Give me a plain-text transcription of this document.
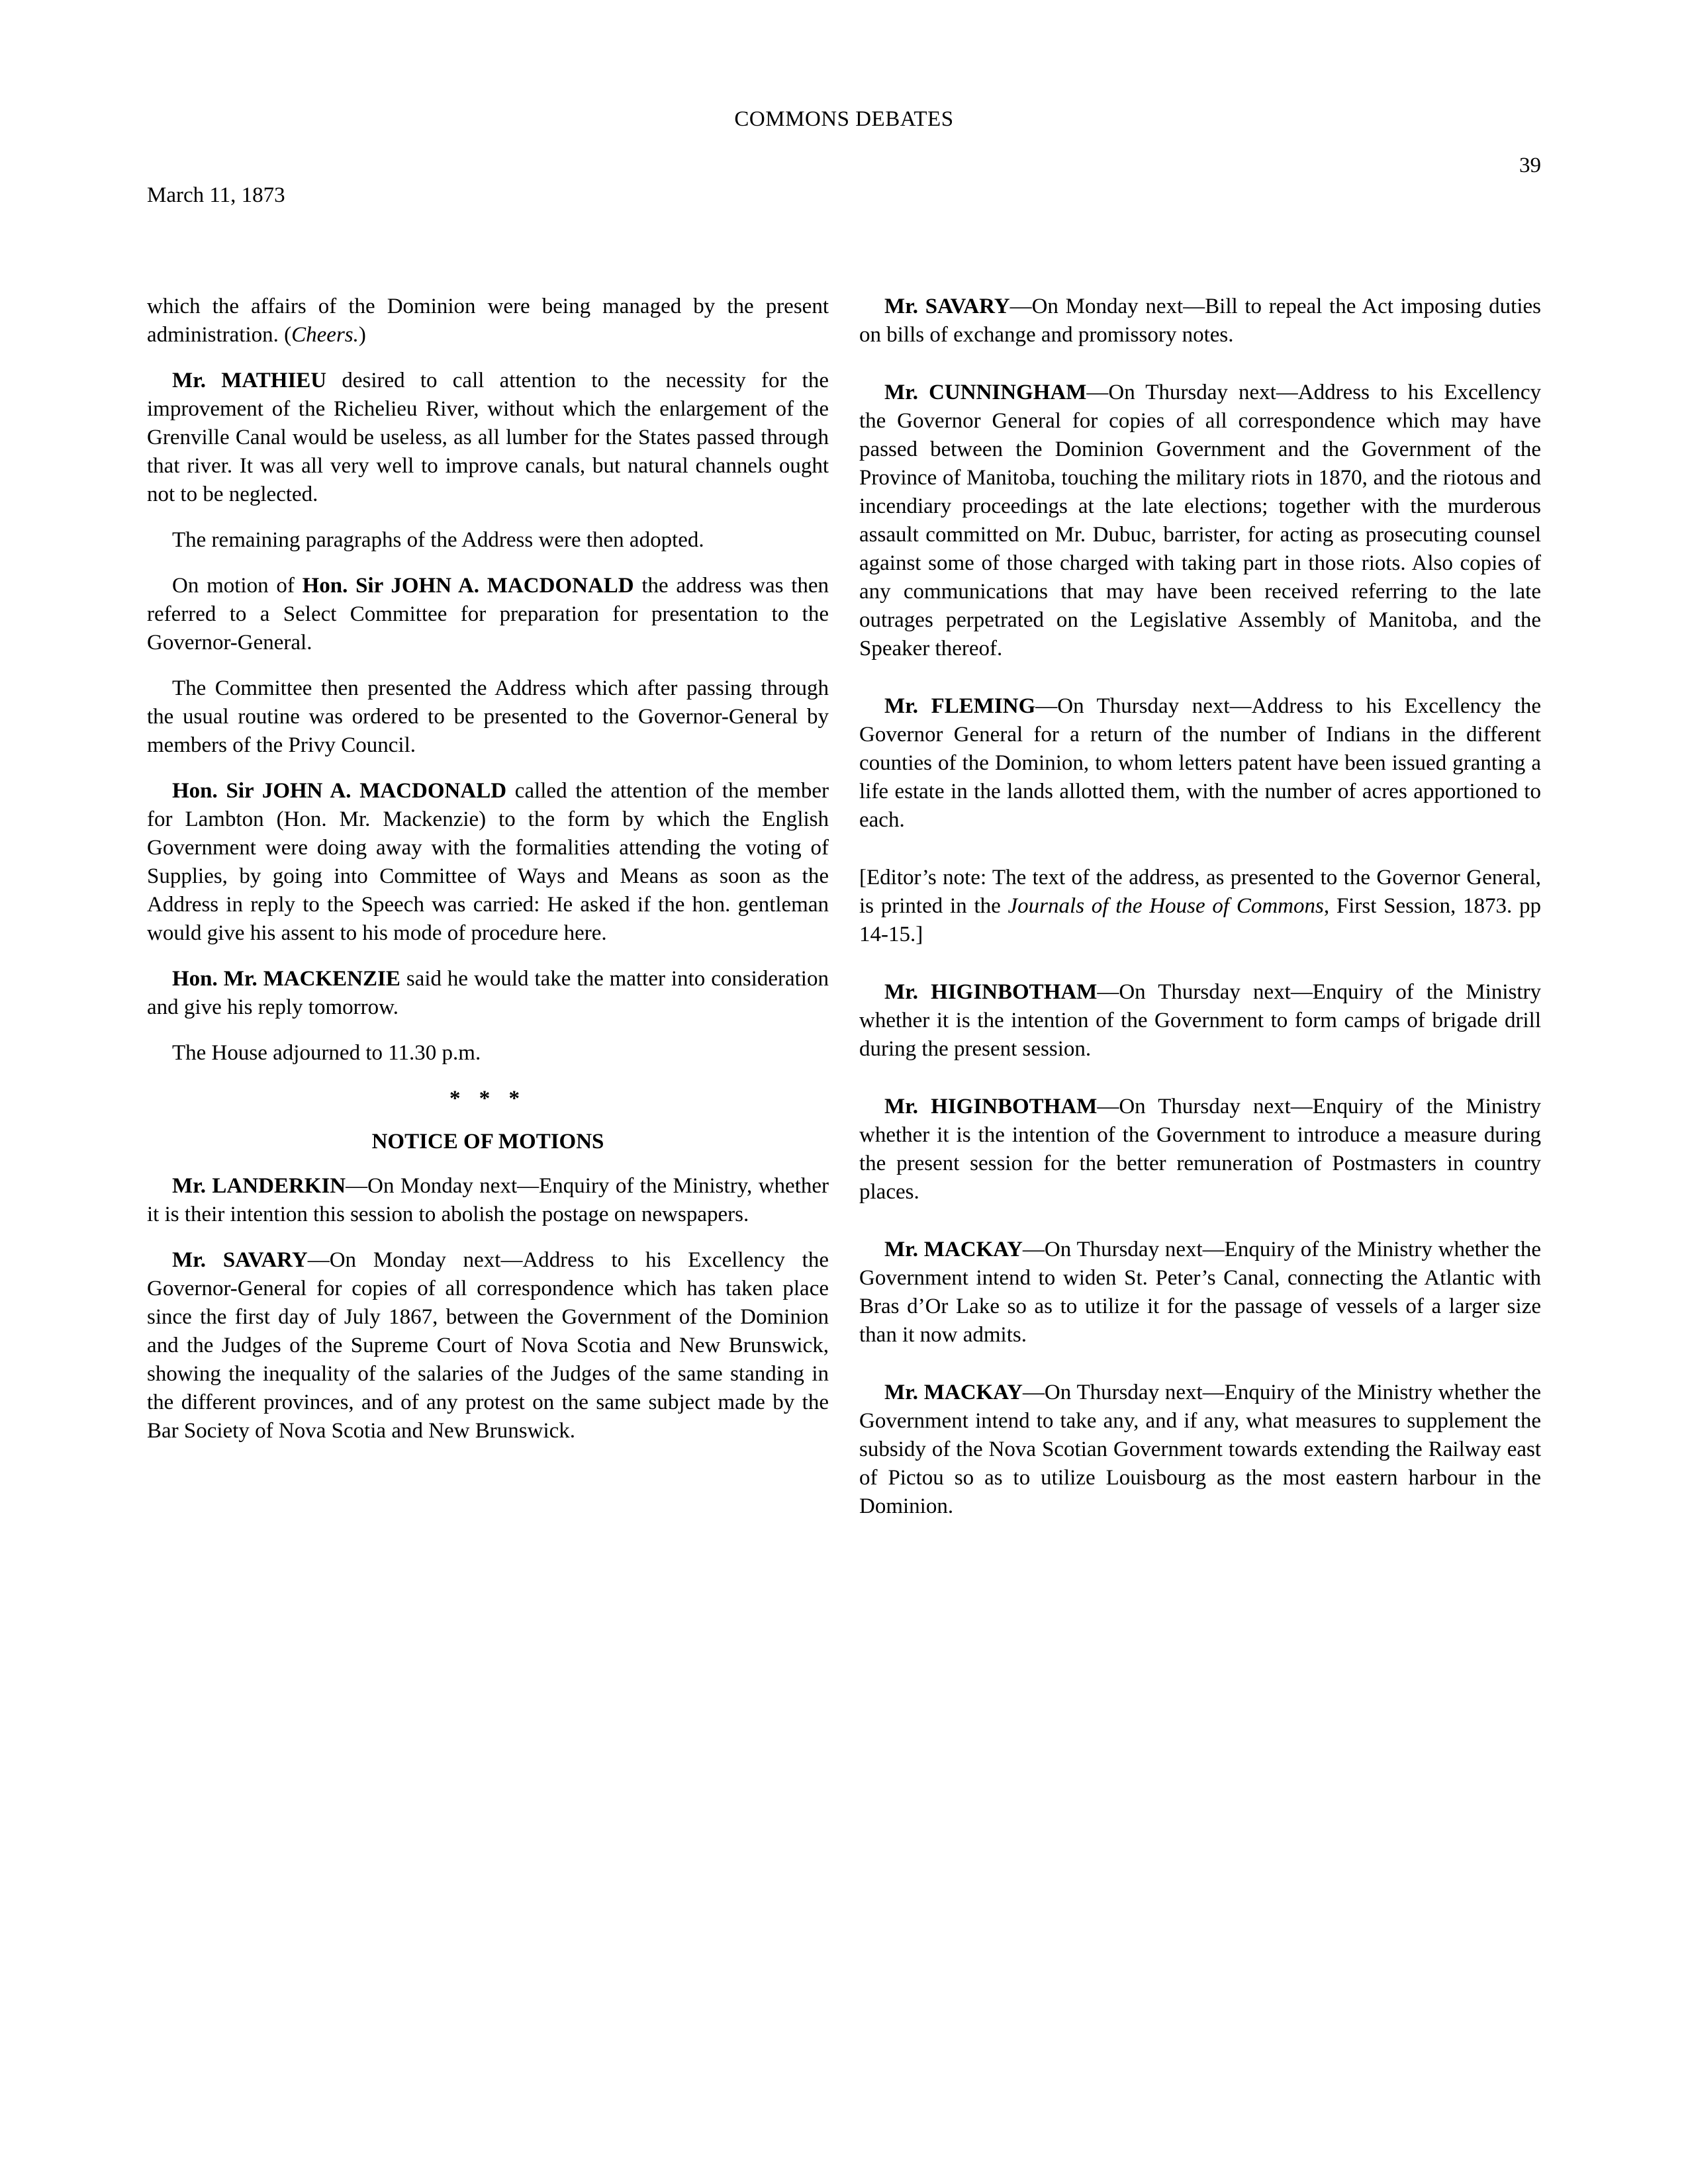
COMMONS DEBATES
39
March 11, 1873

which the affairs of the Dominion were being managed by the present administration. (Cheers.)

Mr. MATHIEU desired to call attention to the necessity for the improvement of the Richelieu River, without which the enlargement of the Grenville Canal would be useless, as all lumber for the States passed through that river. It was all very well to improve canals, but natural channels ought not to be neglected.

The remaining paragraphs of the Address were then adopted.

On motion of Hon. Sir JOHN A. MACDONALD the address was then referred to a Select Committee for preparation for presentation to the Governor-General.

The Committee then presented the Address which after passing through the usual routine was ordered to be presented to the Governor-General by members of the Privy Council.

Hon. Sir JOHN A. MACDONALD called the attention of the member for Lambton (Hon. Mr. Mackenzie) to the form by which the English Government were doing away with the formalities attending the voting of Supplies, by going into Committee of Ways and Means as soon as the Address in reply to the Speech was carried: He asked if the hon. gentleman would give his assent to his mode of procedure here.

Hon. Mr. MACKENZIE said he would take the matter into consideration and give his reply tomorrow.

The House adjourned to 11.30 p.m.

* * *
NOTICE OF MOTIONS

Mr. LANDERKIN—On Monday next—Enquiry of the Ministry, whether it is their intention this session to abolish the postage on newspapers.

Mr. SAVARY—On Monday next—Address to his Excellency the Governor-General for copies of all correspondence which has taken place since the first day of July 1867, between the Government of the Dominion and the Judges of the Supreme Court of Nova Scotia and New Brunswick, showing the inequality of the salaries of the Judges of the same standing in the different provinces, and of any protest on the same subject made by the Bar Society of Nova Scotia and New Brunswick.

Mr. SAVARY—On Monday next—Bill to repeal the Act imposing duties on bills of exchange and promissory notes.

Mr. CUNNINGHAM—On Thursday next—Address to his Excellency the Governor General for copies of all correspondence which may have passed between the Dominion Government and the Government of the Province of Manitoba, touching the military riots in 1870, and the riotous and incendiary proceedings at the late elections; together with the murderous assault committed on Mr. Dubuc, barrister, for acting as prosecuting counsel against some of those charged with taking part in those riots. Also copies of any communications that may have been received referring to the late outrages perpetrated on the Legislative Assembly of Manitoba, and the Speaker thereof.

Mr. FLEMING—On Thursday next—Address to his Excellency the Governor General for a return of the number of Indians in the different counties of the Dominion, to whom letters patent have been issued granting a life estate in the lands allotted them, with the number of acres apportioned to each.

[Editor’s note: The text of the address, as presented to the Governor General, is printed in the Journals of the House of Commons, First Session, 1873. pp 14-15.]

Mr. HIGINBOTHAM—On Thursday next—Enquiry of the Ministry whether it is the intention of the Government to form camps of brigade drill during the present session.

Mr. HIGINBOTHAM—On Thursday next—Enquiry of the Ministry whether it is the intention of the Government to introduce a measure during the present session for the better remuneration of Postmasters in country places.

Mr. MACKAY—On Thursday next—Enquiry of the Ministry whether the Government intend to widen St. Peter’s Canal, connecting the Atlantic with Bras d’Or Lake so as to utilize it for the passage of vessels of a larger size than it now admits.

Mr. MACKAY—On Thursday next—Enquiry of the Ministry whether the Government intend to take any, and if any, what measures to supplement the subsidy of the Nova Scotian Government towards extending the Railway east of Pictou so as to utilize Louisbourg as the most eastern harbour in the Dominion.
